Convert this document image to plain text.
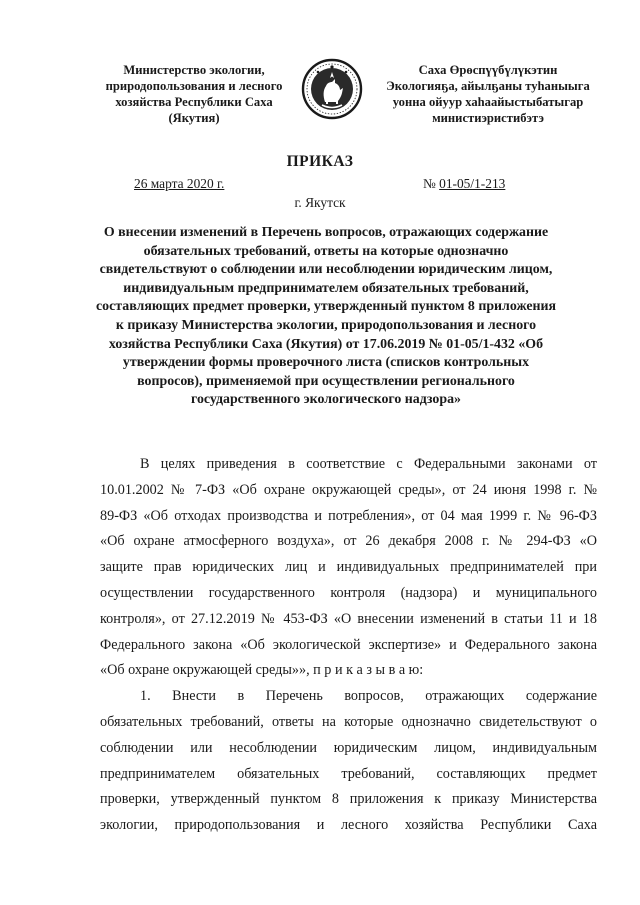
Министерство экологии,
природопользования и лесного
хозяйства Республики Саха
(Якутия)
Саха Өрөспүүбүлүкэтин
Экологияҕа, айылҕаны туһаныыга
уонна ойуур хаһаайыстыбатыгар
министиэристибэтэ
ПРИКАЗ
26 марта 2020 г.	№ 01-05/1-213
г. Якутск
О внесении изменений в Перечень вопросов, отражающих содержание
обязательных требований, ответы на которые однозначно
свидетельствуют о соблюдении или несоблюдении юридическим лицом,
индивидуальным предпринимателем обязательных требований,
составляющих предмет проверки, утвержденный пунктом 8 приложения
к приказу Министерства экологии, природопользования и лесного
хозяйства Республики Саха (Якутия) от 17.06.2019 № 01-05/1-432 «Об
утверждении формы проверочного листа (списков контрольных
вопросов), применяемой при осуществлении регионального
государственного экологического надзора»
В целях приведения в соответствие с Федеральными законами от
10.01.2002 № 7-ФЗ «Об охране окружающей среды», от 24 июня 1998 г. №
89-ФЗ «Об отходах производства и потребления», от 04 мая 1999 г. № 96-ФЗ
«Об охране атмосферного воздуха», от 26 декабря 2008 г. № 294-ФЗ «О
защите прав юридических лиц и индивидуальных предпринимателей при
осуществлении государственного контроля (надзора) и муниципального
контроля», от 27.12.2019 № 453-ФЗ «О внесении изменений в статьи 11 и 18
Федерального закона «Об экологической экспертизе» и Федерального закона
«Об охране окружающей среды»», п р и к а з ы в а ю:
1. Внести в Перечень вопросов, отражающих содержание
обязательных требований, ответы на которые однозначно свидетельствуют о
соблюдении или несоблюдении юридическим лицом, индивидуальным
предпринимателем обязательных требований, составляющих предмет
проверки, утвержденный пунктом 8 приложения к приказу Министерства
экологии, природопользования и лесного хозяйства Республики Саха
